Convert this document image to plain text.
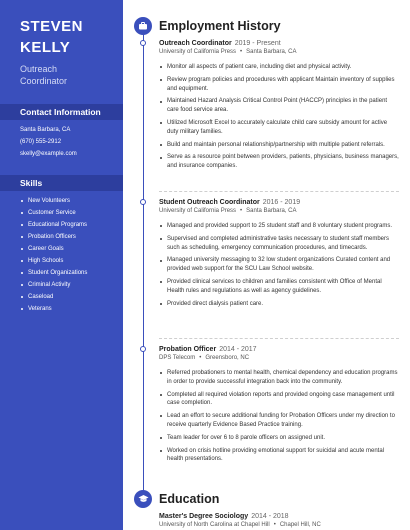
STEVEN
KELLY
Outreach
Coordinator
Contact Information
Santa Barbara, CA
(670) 555-2912
skelly@example.com
Skills
New Volunteers
Customer Service
Educational Programs
Probation Officers
Career Goals
High Schools
Student Organizations
Criminal Activity
Caseload
Veterans
Employment History
Outreach Coordinator 2019 - Present
University of California Press • Santa Barbara, CA
Monitor all aspects of patient care, including diet and physical activity.
Review program policies and procedures with applicant Maintain inventory of supplies and equipment.
Maintained Hazard Analysis Critical Control Point (HACCP) principles in the patient care food service area.
Utilized Microsoft Excel to accurately calculate child care subsidy amount for active duty military families.
Build and maintain personal relationship/partnership with multiple patient referrals.
Serve as a resource point between providers, patients, physicians, business managers, and insurance companies.
Student Outreach Coordinator 2016 - 2019
University of California Press • Santa Barbara, CA
Managed and provided support to 25 student staff and 8 voluntary student programs.
Supervised and completed administrative tasks necessary to student staff members such as scheduling, emergency communication procedures, and timecards.
Managed university messaging to 32 low student organizations Curated content and provided web support for the SCU Law School website.
Provided clinical services to children and families consistent with Office of Mental Health rules and regulations as well as agency guidelines.
Provided direct dialysis patient care.
Probation Officer 2014 - 2017
DPS Telecom • Greensboro, NC
Referred probationers to mental health, chemical dependency and education programs in order to provide successful integration back into the community.
Completed all required violation reports and provided ongoing case management until case completion.
Lead an effort to secure additional funding for Probation Officers under my direction to receive quarterly Evidence Based Practice training.
Team leader for over 6 to 8 parole officers on assigned unit.
Worked on crisis hotline providing emotional support for suicidal and acute mental health presentations.
Education
Master's Degree Sociology 2014 - 2018
University of North Carolina at Chapel Hill • Chapel Hill, NC
